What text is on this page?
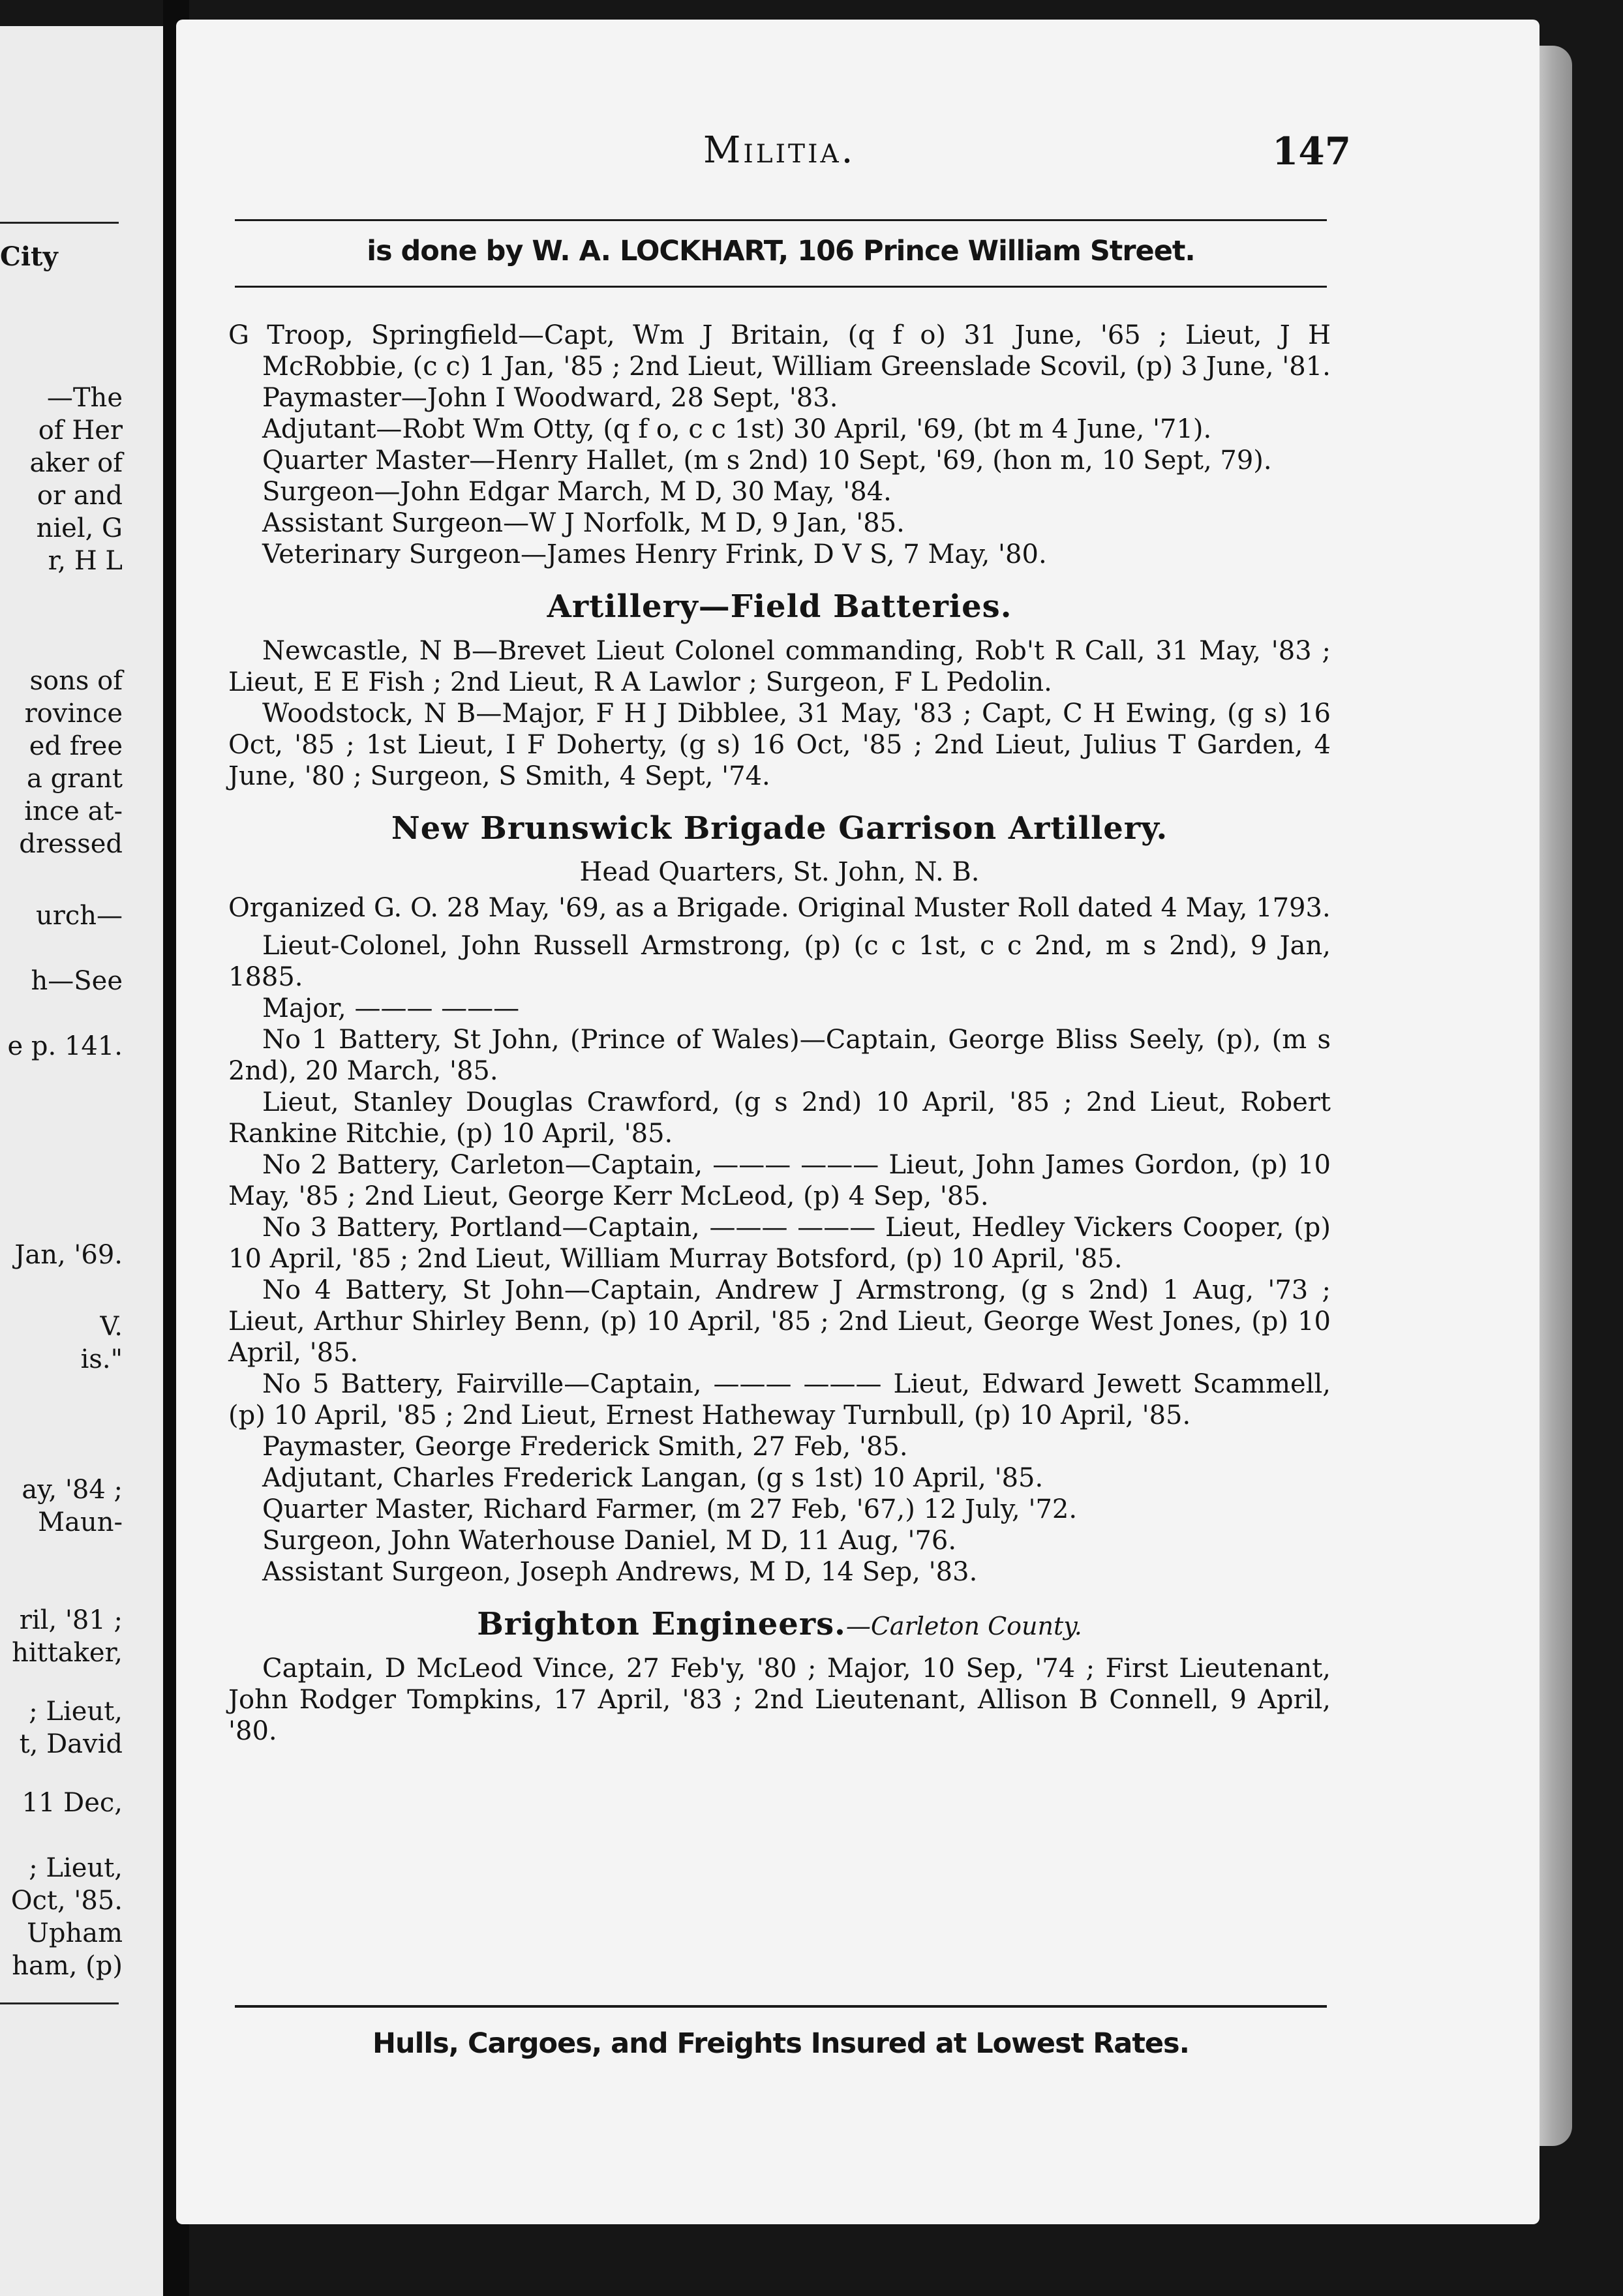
City
—The
of Her
aker of
or and
niel, G
r, H L
sons of
rovince
ed free
a grant
ince at-
dressed
urch—
h—See
e p. 141.
Jan, '69.
V.
is."
ay, '84 ;
Maun-
ril, '81 ;
hittaker,
; Lieut,
t, David
11 Dec,
; Lieut,
Oct, '85.
Upham
ham, (p)
Militia.	147
is done by W. A. LOCKHART, 106 Prince William Street.

G Troop, Springfield—Capt, Wm J Britain, (q f o) 31 June, '65 ; Lieut, J H McRobbie, (c c) 1 Jan, '85 ; 2nd Lieut, William Greenslade Scovil, (p) 3 June, '81.

Paymaster—John I Woodward, 28 Sept, '83.

Adjutant—Robt Wm Otty, (q f o, c c 1st) 30 April, '69, (bt m 4 June, '71).

Quarter Master—Henry Hallet, (m s 2nd) 10 Sept, '69, (hon m, 10 Sept, 79).

Surgeon—John Edgar March, M D, 30 May, '84.

Assistant Surgeon—W J Norfolk, M D, 9 Jan, '85.

Veterinary Surgeon—James Henry Frink, D V S, 7 May, '80.

Artillery—Field Batteries.

Newcastle, N B—Brevet Lieut Colonel commanding, Rob't R Call, 31 May, '83 ; Lieut, E E Fish ; 2nd Lieut, R A Lawlor ; Surgeon, F L Pedolin.

Woodstock, N B—Major, F H J Dibblee, 31 May, '83 ; Capt, C H Ewing, (g s) 16 Oct, '85 ; 1st Lieut, I F Doherty, (g s) 16 Oct, '85 ; 2nd Lieut, Julius T Garden, 4 June, '80 ; Surgeon, S Smith, 4 Sept, '74.

New Brunswick Brigade Garrison Artillery.
Head Quarters, St. John, N. B.

Organized G. O. 28 May, '69, as a Brigade. Original Muster Roll dated 4 May, 1793.

Lieut-Colonel, John Russell Armstrong, (p) (c c 1st, c c 2nd, m s 2nd), 9 Jan, 1885.

Major, ——— ———

No 1 Battery, St John, (Prince of Wales)—Captain, George Bliss Seely, (p), (m s 2nd), 20 March, '85.

Lieut, Stanley Douglas Crawford, (g s 2nd) 10 April, '85 ; 2nd Lieut, Robert Rankine Ritchie, (p) 10 April, '85.

No 2 Battery, Carleton—Captain, ——— ——— Lieut, John James Gordon, (p) 10 May, '85 ; 2nd Lieut, George Kerr McLeod, (p) 4 Sep, '85.

No 3 Battery, Portland—Captain, ——— ——— Lieut, Hedley Vickers Cooper, (p) 10 April, '85 ; 2nd Lieut, William Murray Botsford, (p) 10 April, '85.

No 4 Battery, St John—Captain, Andrew J Armstrong, (g s 2nd) 1 Aug, '73 ; Lieut, Arthur Shirley Benn, (p) 10 April, '85 ; 2nd Lieut, George West Jones, (p) 10 April, '85.

No 5 Battery, Fairville—Captain, ——— ——— Lieut, Edward Jewett Scammell, (p) 10 April, '85 ; 2nd Lieut, Ernest Hatheway Turnbull, (p) 10 April, '85.

Paymaster, George Frederick Smith, 27 Feb, '85.

Adjutant, Charles Frederick Langan, (g s 1st) 10 April, '85.

Quarter Master, Richard Farmer, (m 27 Feb, '67,) 12 July, '72.

Surgeon, John Waterhouse Daniel, M D, 11 Aug, '76.

Assistant Surgeon, Joseph Andrews, M D, 14 Sep, '83.

Brighton Engineers.—Carleton County.

Captain, D McLeod Vince, 27 Feb'y, '80 ; Major, 10 Sep, '74 ; First Lieutenant, John Rodger Tompkins, 17 April, '83 ; 2nd Lieutenant, Allison B Connell, 9 April, '80.

Hulls, Cargoes, and Freights Insured at Lowest Rates.
